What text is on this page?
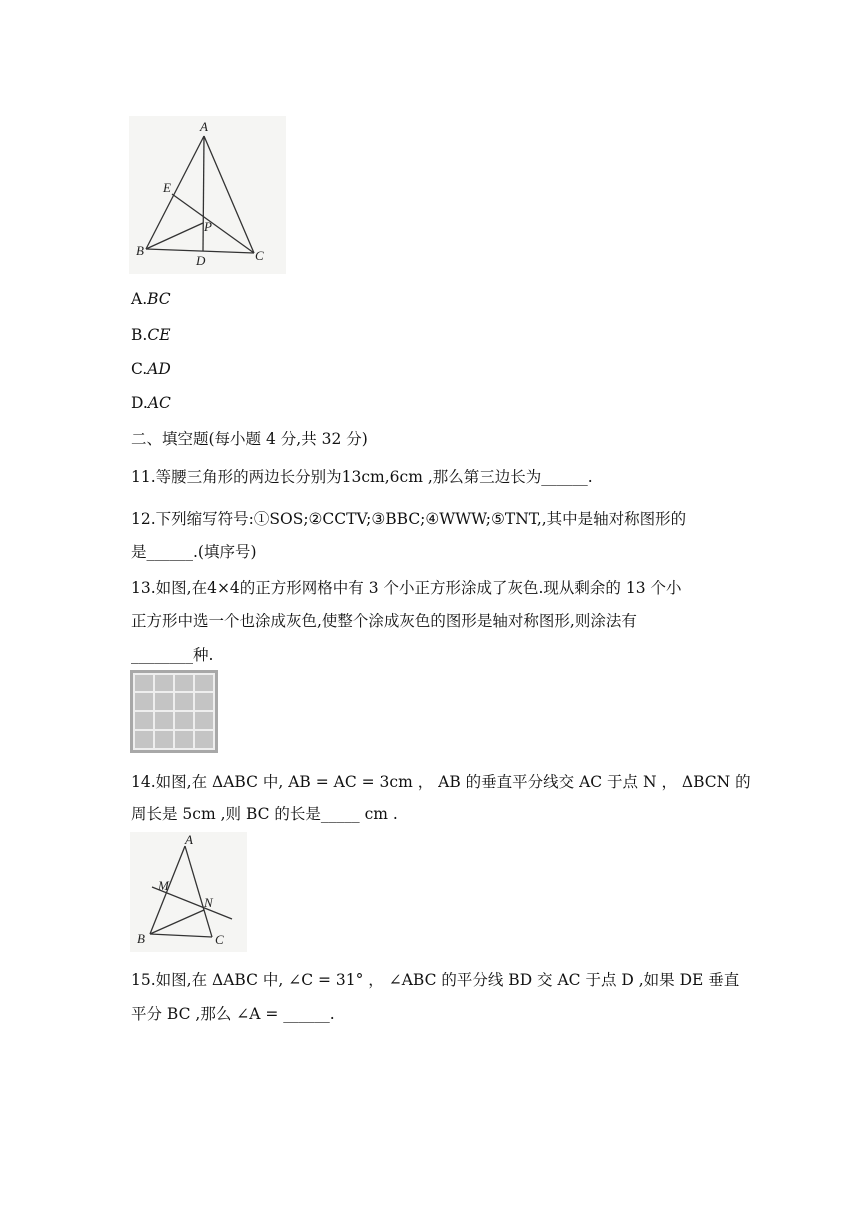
A
E
P
B
D	C
A.BC
B.CE
C.AD
D.AC
二、填空题(每小题 4 分,共 32 分)
11.等腰三角形的两边长分别为13cm,6cm ,那么第三边长为______.
12.下列缩写符号:①SOS;②CCTV;③BBC;④WWW;⑤TNT,,其中是轴对称图形的
是______.(填序号)
13.如图,在4×4的正方形网格中有 3 个小正方形涂成了灰色.现从剩余的 13 个小
正方形中选一个也涂成灰色,使整个涂成灰色的图形是轴对称图形,则涂法有
________种.
14.如图,在 ΔABC 中, AB = AC = 3cm ， AB 的垂直平分线交 AC 于点 N ， ΔBCN 的
周长是 5cm ,则 BC 的长是_____ cm .
A
M
N
B	C
15.如图,在 ΔABC 中, ∠C = 31° ， ∠ABC 的平分线 BD 交 AC 于点 D ,如果 DE 垂直
平分 BC ,那么 ∠A = ______.
